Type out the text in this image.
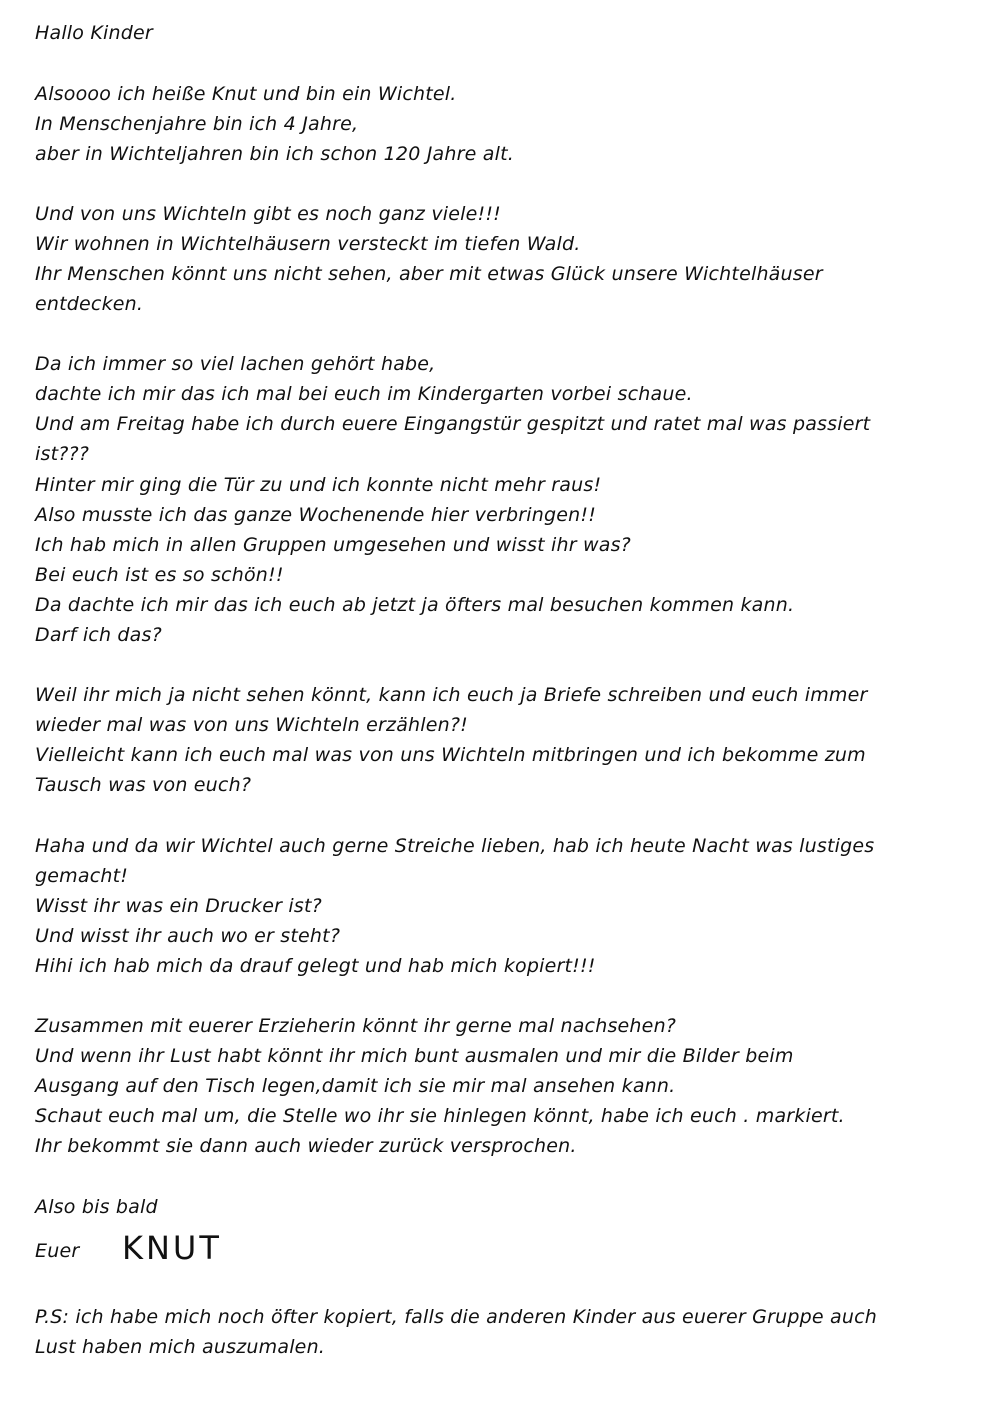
Hallo Kinder
Alsoooo ich heiße Knut und bin ein Wichtel.
In Menschenjahre bin ich 4 Jahre,
aber in Wichteljahren bin ich schon 120 Jahre alt.
Und von uns Wichteln gibt es noch ganz viele!!!
Wir wohnen in Wichtelhäusern versteckt im tiefen Wald.
Ihr Menschen könnt uns nicht sehen, aber mit etwas Glück unsere Wichtelhäuser
entdecken.
Da ich immer so viel lachen gehört habe,
dachte ich mir das ich mal bei euch im Kindergarten vorbei schaue.
Und am Freitag habe ich durch euere Eingangstür gespitzt und ratet mal was passiert
ist???
Hinter mir ging die Tür zu und ich konnte nicht mehr raus!
Also musste ich das ganze Wochenende hier verbringen!!
Ich hab mich in allen Gruppen umgesehen und wisst ihr was?
Bei euch ist es so schön!!
Da dachte ich mir das ich euch ab jetzt ja öfters mal besuchen kommen kann.
Darf ich das?
Weil ihr mich ja nicht sehen könnt, kann ich euch ja Briefe schreiben und euch immer
wieder mal was von uns Wichteln erzählen?!
Vielleicht kann ich euch mal was von uns Wichteln mitbringen und ich bekomme zum
Tausch was von euch?
Haha und da wir Wichtel auch gerne Streiche lieben, hab ich heute Nacht was lustiges
gemacht!
Wisst ihr was ein Drucker ist?
Und wisst ihr auch wo er steht?
Hihi ich hab mich da drauf gelegt und hab mich kopiert!!!
Zusammen mit euerer Erzieherin könnt ihr gerne mal nachsehen?
Und wenn ihr Lust habt könnt ihr mich bunt ausmalen und mir die Bilder beim
Ausgang auf den Tisch legen,damit ich sie mir mal ansehen kann.
Schaut euch mal um, die Stelle wo ihr sie hinlegen könnt, habe ich euch . markiert.
Ihr bekommt sie dann auch wieder zurück versprochen.
Also bis bald
Euer KNUT
P.S: ich habe mich noch öfter kopiert, falls die anderen Kinder aus euerer Gruppe auch
Lust haben mich auszumalen.
